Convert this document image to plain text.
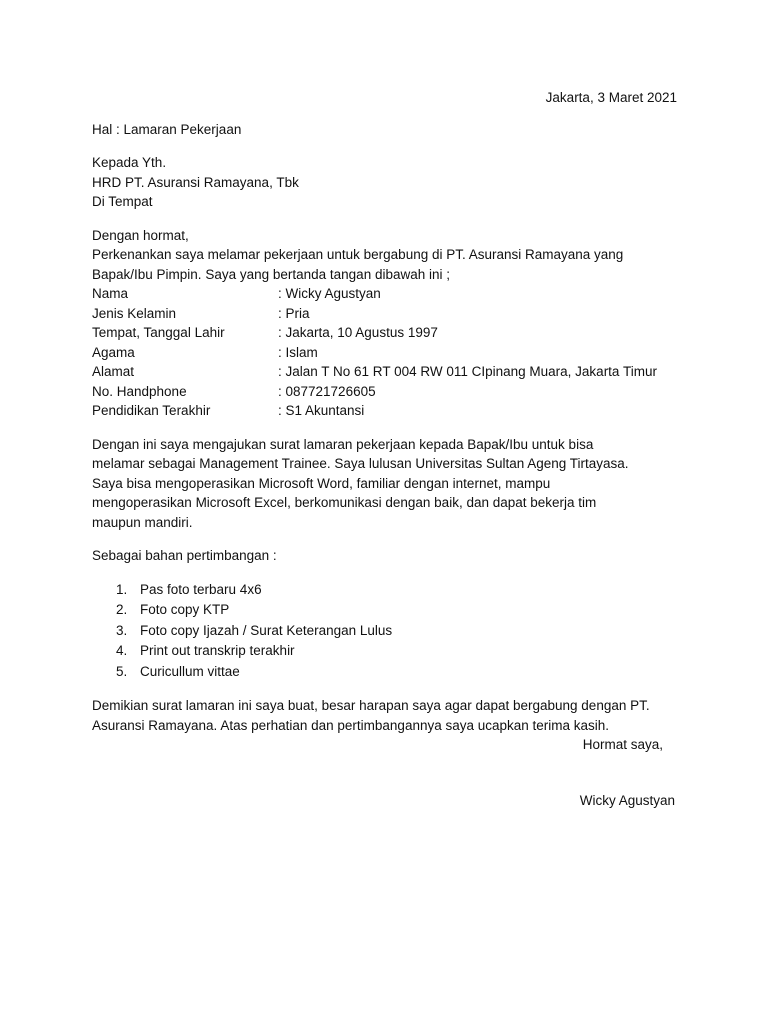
Jakarta, 3 Maret 2021
Hal : Lamaran Pekerjaan
Kepada Yth.
HRD PT. Asuransi Ramayana, Tbk
Di Tempat
Dengan hormat,
Perkenankan saya melamar pekerjaan untuk bergabung di PT. Asuransi Ramayana yang
Bapak/Ibu Pimpin. Saya yang bertanda tangan dibawah ini ;
Nama	: Wicky Agustyan
Jenis Kelamin	: Pria
Tempat, Tanggal Lahir	: Jakarta, 10 Agustus 1997
Agama	: Islam
Alamat	: Jalan T No 61 RT 004 RW 011 CIpinang Muara, Jakarta Timur
No. Handphone	: 087721726605
Pendidikan Terakhir	: S1 Akuntansi
Dengan ini saya mengajukan surat lamaran pekerjaan kepada Bapak/Ibu untuk bisa
melamar sebagai Management Trainee. Saya lulusan Universitas Sultan Ageng Tirtayasa.
Saya bisa mengoperasikan Microsoft Word, familiar dengan internet, mampu
mengoperasikan Microsoft Excel, berkomunikasi dengan baik, dan dapat bekerja tim
maupun mandiri.
Sebagai bahan pertimbangan :
1. Pas foto terbaru 4x6
2. Foto copy KTP
3. Foto copy Ijazah / Surat Keterangan Lulus
4. Print out transkrip terakhir
5. Curicullum vittae
Demikian surat lamaran ini saya buat, besar harapan saya agar dapat bergabung dengan PT.
Asuransi Ramayana. Atas perhatian dan pertimbangannya saya ucapkan terima kasih.
Hormat saya,
Wicky Agustyan
